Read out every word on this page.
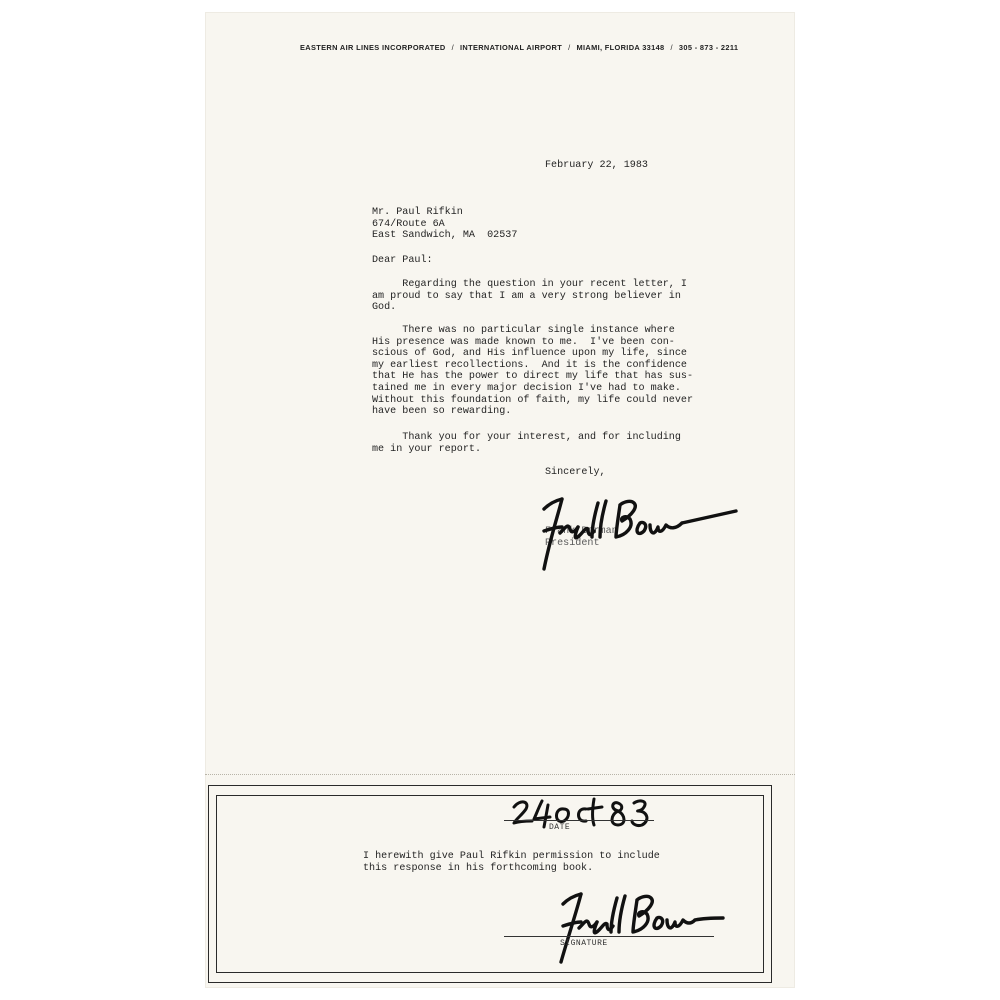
EASTERN AIR LINES INCORPORATED / INTERNATIONAL AIRPORT / MIAMI, FLORIDA 33148 / 305 - 873 - 2211
February 22, 1983
Mr. Paul Rifkin
674/Route 6A
East Sandwich, MA  02537
Dear Paul:
Regarding the question in your recent letter, I
am proud to say that I am a very strong believer in
God.
There was no particular single instance where
His presence was made known to me.  I've been con-
scious of God, and His influence upon my life, since
my earliest recollections.  And it is the confidence
that He has the power to direct my life that has sus-
tained me in every major decision I've had to make.
Without this foundation of faith, my life could never
have been so rewarding.
Thank you for your interest, and for including
me in your report.
Sincerely,
Frank Borman
President
DATE
I herewith give Paul Rifkin permission to include
this response in his forthcoming book.
SIGNATURE
